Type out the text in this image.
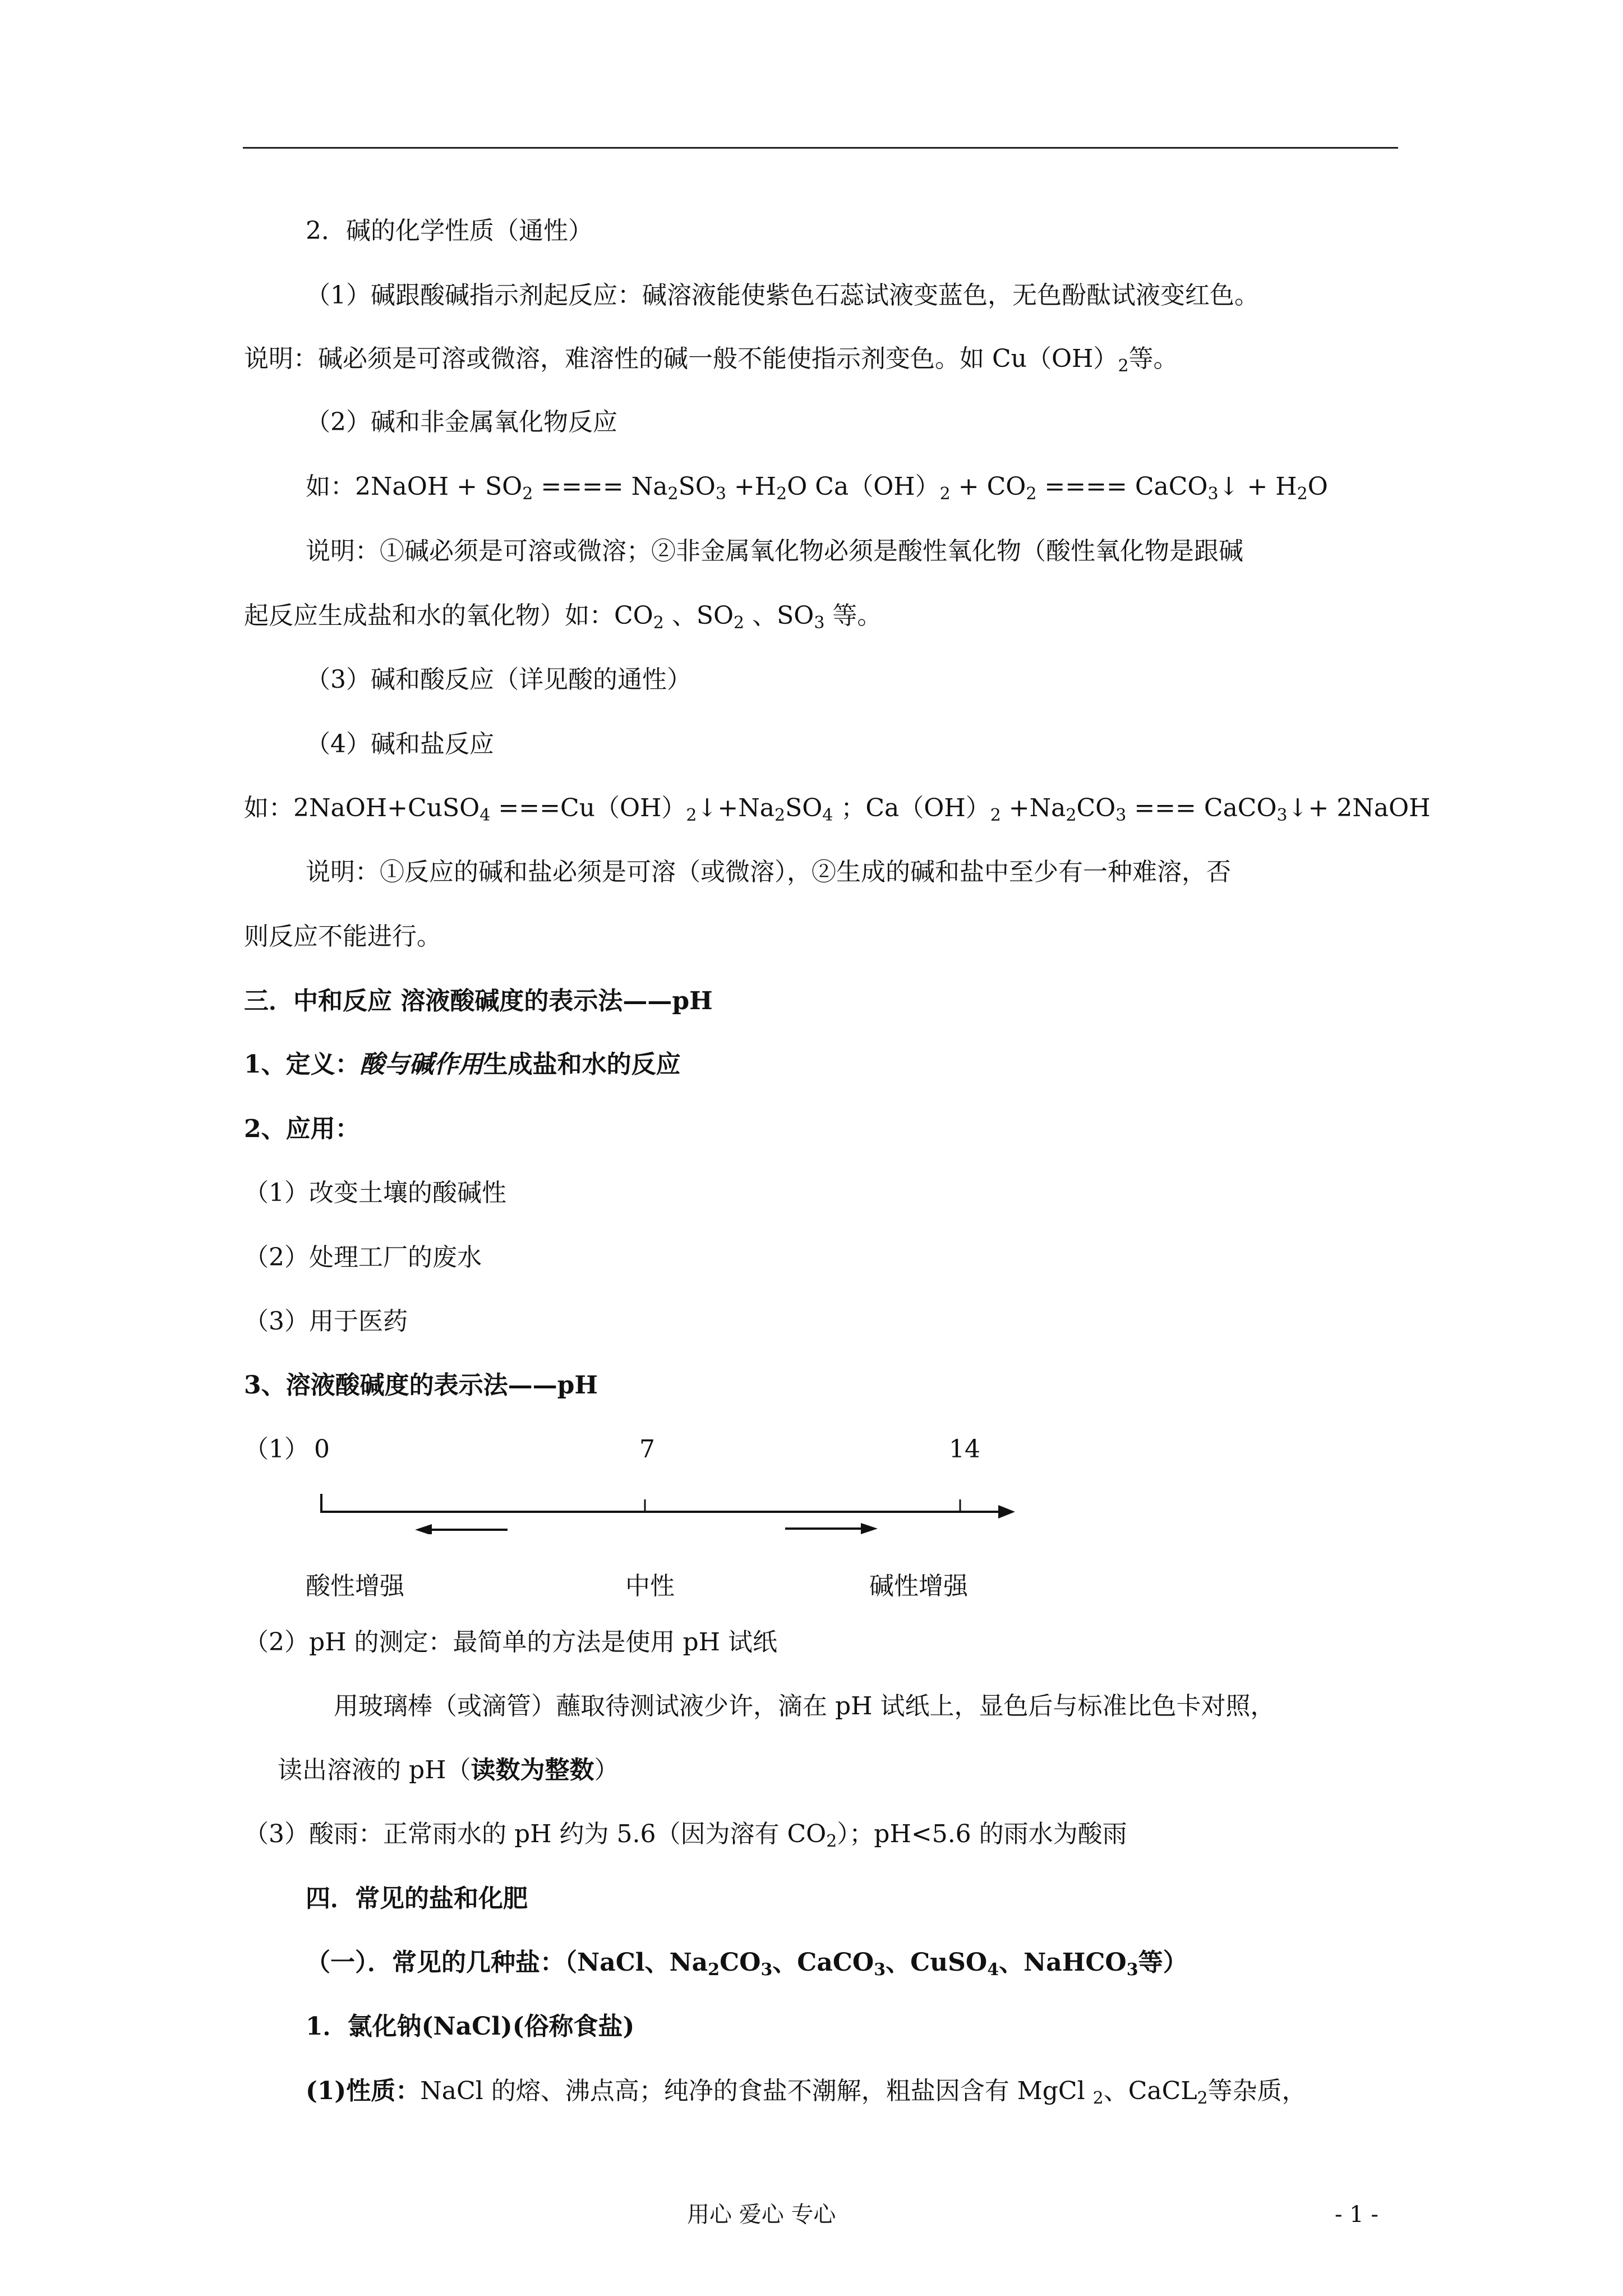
2．碱的化学性质（通性）
（1）碱跟酸碱指示剂起反应：碱溶液能使紫色石蕊试液变蓝色，无色酚酞试液变红色。
说明：碱必须是可溶或微溶，难溶性的碱一般不能使指示剂变色。如 $Cu(OH)_2$等。
（2）碱和非金属氧化物反应
如：2NaOH + $SO_2$ ==== $Na_2SO_3 +H_2O$ $Ca(OH)_2 + CO_2$ ==== CaCO$_3$↓ + $H_2O$
说明：①碱必须是可溶或微溶；②非金属氧化物必须是酸性氧化物（酸性氧化物是跟碱
起反应生成盐和水的氧化物）如：$CO_2$ 、$SO_2$ 、$SO_3$ 等。
（3）碱和酸反应（详见酸的通性）
（4）碱和盐反应
如：2NaOH+CuSO$_4$ $===Cu(OH)_2↓+Na_2SO_4$ ；$Ca(OH)_2 +Na_2CO_3$ === CaCO$_3$↓+ 2NaOH
说明：①反应的碱和盐必须是可溶（或微溶），②生成的碱和盐中至少有一种难溶，否
则反应不能进行。
三．中和反应 溶液酸碱度的表示法——pH
1、定义：酸与碱作用生成盐和水的反应
2、应用：
（1）改变土壤的酸碱性
（2）处理工厂的废水
（3）用于医药
3、溶液酸碱度的表示法——pH
（1） 0	7	14
酸性增强	中性	碱性增强
（2）pH 的测定：最简单的方法是使用 pH 试纸
用玻璃棒（或滴管）蘸取待测试液少许，滴在 pH 试纸上，显色后与标准比色卡对照，
读出溶液的 pH（读数为整数）
（3）酸雨：正常雨水的 pH 约为 5.6（因为溶有 $CO_2$）；pH<5.6 的雨水为酸雨
四．常见的盐和化肥
（一）．常见的几种盐：（NaCl、$Na_2CO_3$、CaCO$_3$、CuSO$_4$、NaHCO$_3$等）
1．氯化钠(NaCl)(俗称食盐)
(1)性质：NaCl 的熔、沸点高；纯净的食盐不潮解，粗盐因含有 MgCl $_2$、CaCL$_2$等杂质，
用心 爱心 专心	- 1 -
